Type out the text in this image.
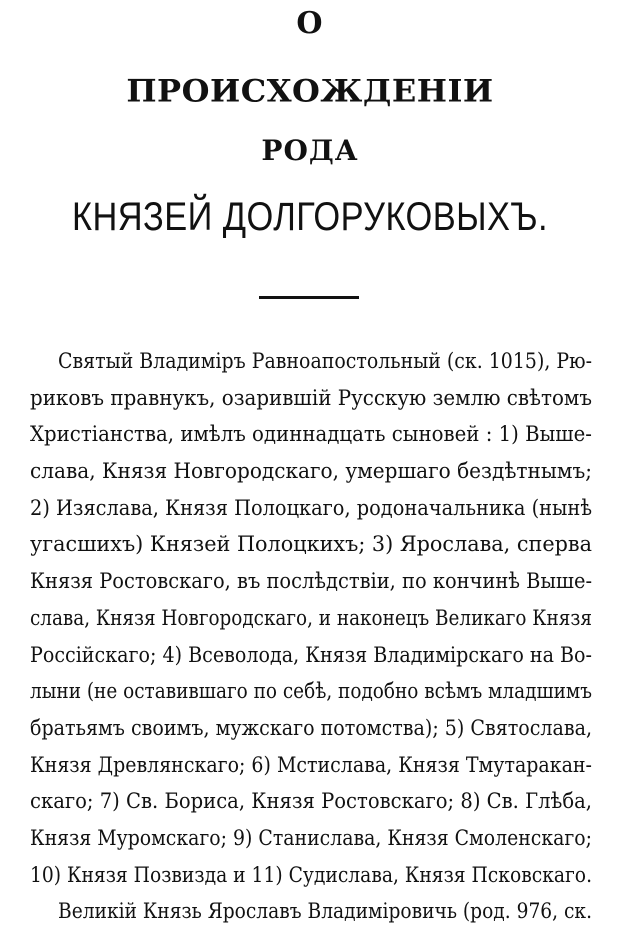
О
ПРОИСХОЖДЕНІИ
РОДА
КНЯЗЕЙ ДОЛГОРУКОВЫХЪ.
Святый Владиміръ Равноапостольный (ск. 1015), Рю-
риковъ правнукъ, озарившій Русскую землю свѣтомъ
Христіанства, имѣлъ одиннадцать сыновей : 1) Выше-
слава, Князя Новгородскаго, умершаго бездѣтнымъ;
2) Изяслава, Князя Полоцкаго, родоначальника (нынѣ
угасшихъ) Князей Полоцкихъ; 3) Ярослава, сперва
Князя Ростовскаго, въ послѣдствіи, по кончинѣ Выше-
слава, Князя Новгородскаго, и наконецъ Великаго Князя
Россійскаго; 4) Всеволода, Князя Владимірскаго на Во-
лыни (не оставившаго по себѣ, подобно всѣмъ младшимъ
братьямъ своимъ, мужскаго потомства); 5) Святослава,
Князя Древлянскаго; 6) Мстислава, Князя Тмутаракан-
скаго; 7) Св. Бориса, Князя Ростовскаго; 8) Св. Глѣба,
Князя Муромскаго; 9) Станислава, Князя Смоленскаго;
10) Князя Позвизда и 11) Судислава, Князя Псковскаго.
Великій Князь Ярославъ Владиміровичь (род. 976, ск.
